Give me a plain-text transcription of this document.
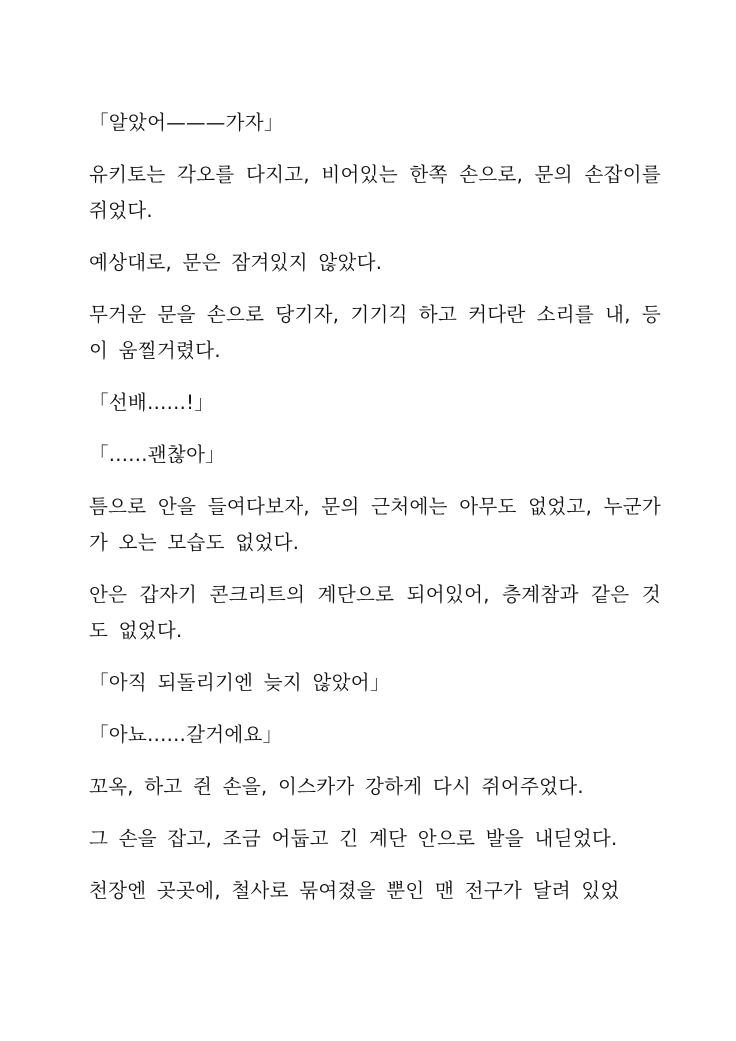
「알았어———가자」

유키토는 각오를 다지고, 비어있는 한쪽 손으로, 문의 손잡이를 쥐었다.

예상대로, 문은 잠겨있지 않았다.

무거운 문을 손으로 당기자, 기기긱 하고 커다란 소리를 내, 등이 움찔거렸다.

「선배......!」

「......괜찮아」

틈으로 안을 들여다보자, 문의 근처에는 아무도 없었고, 누군가가 오는 모습도 없었다.

안은 갑자기 콘크리트의 계단으로 되어있어, 층계참과 같은 것도 없었다.

「아직 되돌리기엔 늦지 않았어」

「아뇨......갈거에요」

꼬옥, 하고 쥔 손을, 이스카가 강하게 다시 쥐어주었다.

그 손을 잡고, 조금 어둡고 긴 계단 안으로 발을 내딛었다.

천장엔 곳곳에, 철사로 묶여졌을 뿐인 맨 전구가 달려 있었
